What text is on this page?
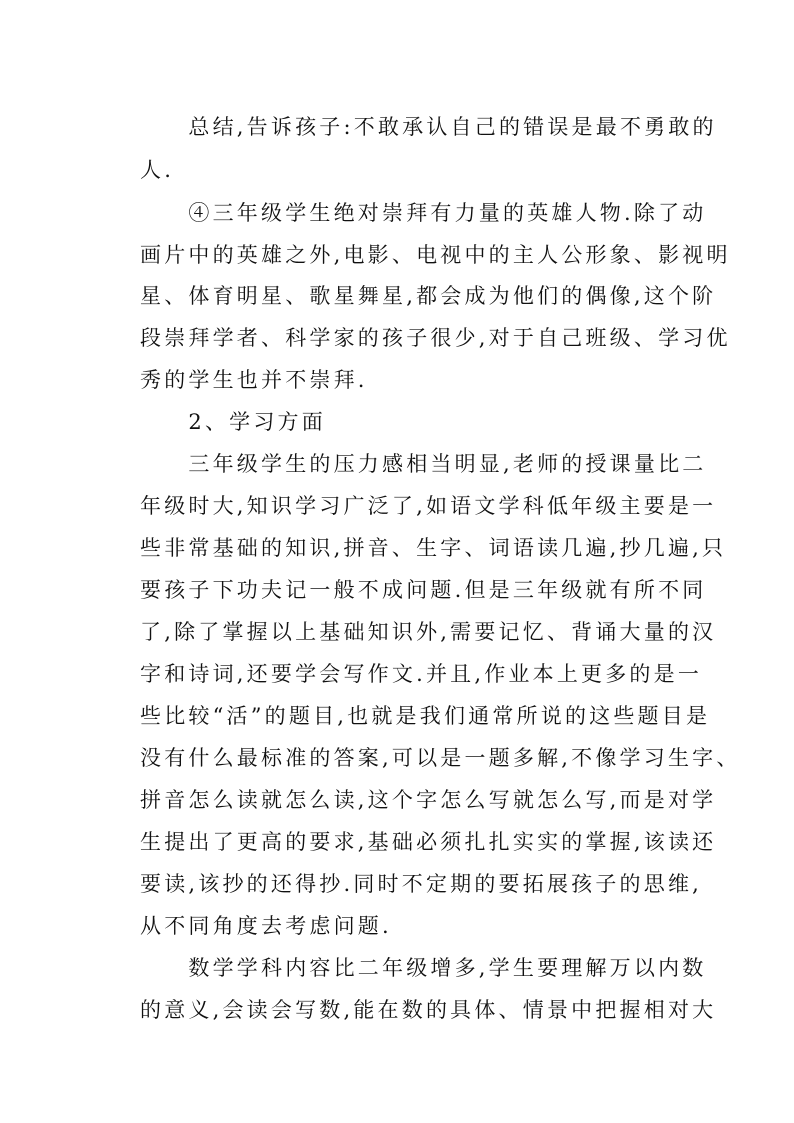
　　总结,告诉孩子:不敢承认自己的错误是最不勇敢的
人.
　　④三年级学生绝对崇拜有力量的英雄人物.除了动
画片中的英雄之外,电影、电视中的主人公形象、影视明
星、体育明星、歌星舞星,都会成为他们的偶像,这个阶
段崇拜学者、科学家的孩子很少,对于自己班级、学习优
秀的学生也并不崇拜.
　　2、学习方面
　　三年级学生的压力感相当明显,老师的授课量比二
年级时大,知识学习广泛了,如语文学科低年级主要是一
些非常基础的知识,拼音、生字、词语读几遍,抄几遍,只
要孩子下功夫记一般不成问题.但是三年级就有所不同
了,除了掌握以上基础知识外,需要记忆、背诵大量的汉
字和诗词,还要学会写作文.并且,作业本上更多的是一
些比较“活”的题目,也就是我们通常所说的这些题目是
没有什么最标准的答案,可以是一题多解,不像学习生字、
拼音怎么读就怎么读,这个字怎么写就怎么写,而是对学
生提出了更高的要求,基础必须扎扎实实的掌握,该读还
要读,该抄的还得抄.同时不定期的要拓展孩子的思维,
从不同角度去考虑问题.
　　数学学科内容比二年级增多,学生要理解万以内数
的意义,会读会写数,能在数的具体、情景中把握相对大
